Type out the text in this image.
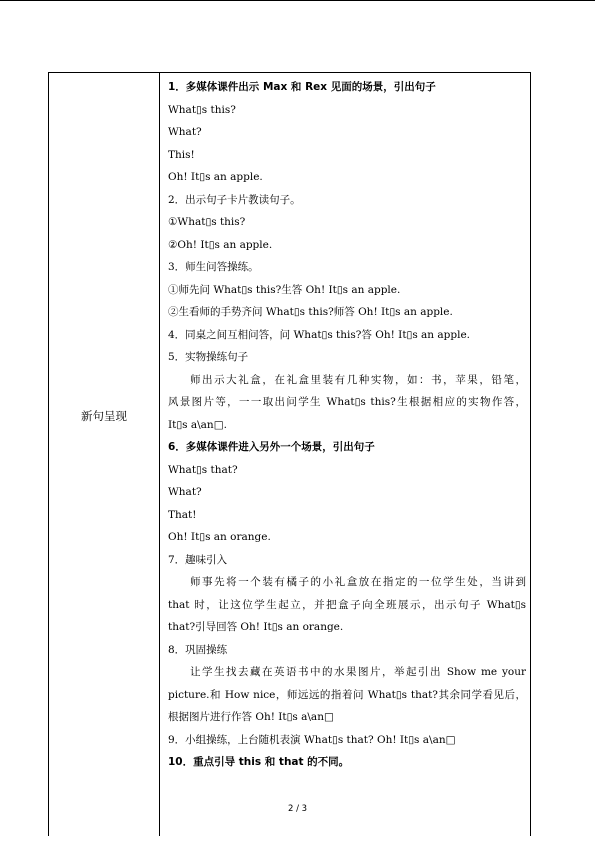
新句呈现
1．多媒体课件出示 Max 和 Rex 见面的场景，引出句子
What▯s this?
What?
This!
Oh! It▯s an apple.
2．出示句子卡片教读句子。
①What▯s this?
②Oh! It▯s an apple.
3．师生问答操练。
①师先问 What▯s this?生答 Oh! It▯s an apple.
②生看师的手势齐问 What▯s this?师答 Oh! It▯s an apple.
4．同桌之间互相问答，问 What▯s this?答 Oh! It▯s an apple.
5．实物操练句子
师出示大礼盒，在礼盒里装有几种实物，如：书，苹果，铅笔，
风景图片等，一一取出问学生 What▯s this?生根据相应的实物作答，
It▯s a\an□.
6．多媒体课件进入另外一个场景，引出句子
What▯s that?
What?
That!
Oh! It▯s an orange.
7．趣味引入
师事先将一个装有橘子的小礼盒放在指定的一位学生处，当讲到
that 时，让这位学生起立，并把盒子向全班展示，出示句子 What▯s
that?引导回答 Oh! It▯s an orange.
8．巩固操练
让学生找去藏在英语书中的水果图片，举起引出 Show me your
picture.和 How nice，师远远的指着问 What▯s that?其余同学看见后，
根据图片进行作答 Oh! It▯s a\an□
9．小组操练，上台随机表演 What▯s that? Oh! It▯s a\an□
10．重点引导 this 和 that 的不同。
2 / 3
